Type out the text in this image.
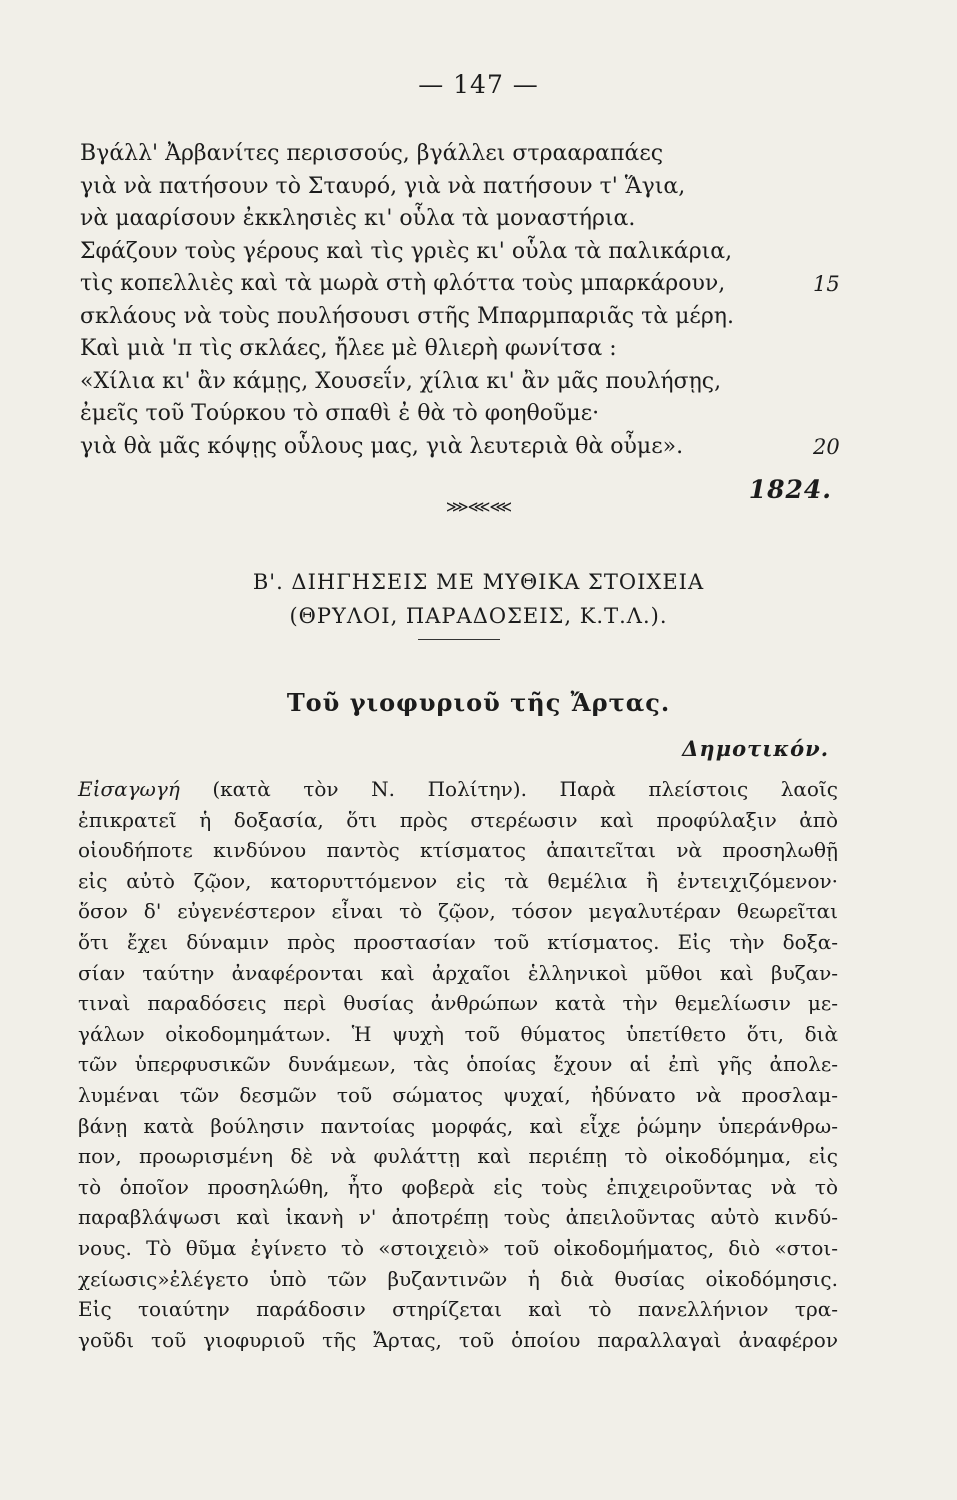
— 147 —
Βγάλλ' Ἀρβανίτες περισσούς, βγάλλει στρααραπάες
γιὰ νὰ πατήσουν τὸ Σταυρό, γιὰ νὰ πατήσουν τ' Ἅγια,
νὰ μααρίσουν ἐκκλησιὲς κι' οὗλα τὰ μοναστήρια.
Σφάζουν τοὺς γέρους καὶ τὶς γριὲς κι' οὗλα τὰ παλικάρια,
τὶς κοπελλιὲς καὶ τὰ μωρὰ στὴ φλόττα τοὺς μπαρκάρουν,	15
σκλάους νὰ τοὺς πουλήσουσι στῆς Μπαρμπαριᾶς τὰ μέρη.
Καὶ μιὰ 'π τὶς σκλάες, ἤλεε μὲ θλιερὴ φωνίτσα :
«Χίλια κι' ἂν κάμῃς, Χουσεΐν, χίλια κι' ἂν μᾶς πουλήσῃς,
ἐμεῖς τοῦ Τούρκου τὸ σπαθὶ ἐ θὰ τὸ φοηθοῦμε·
γιὰ θὰ μᾶς κόψῃς οὗλους μας, γιὰ λευτεριὰ θὰ οὖμε».	20
1824.
⋙⋘⋘
Β'. ΔΙΗΓΗΣΕΙΣ ΜΕ ΜΥΘΙΚΑ ΣΤΟΙΧΕΙΑ
(ΘΡΥΛΟΙ, ΠΑΡΑΔΟΣΕΙΣ, Κ.Τ.Λ.).
Τοῦ γιοφυριοῦ τῆς Ἄρτας.
Δημοτικόν.
Εἰσαγωγή (κατὰ τὸν Ν. Πολίτην). Παρὰ πλείστοις λαοῖς
ἐπικρατεῖ ἡ δοξασία, ὅτι πρὸς στερέωσιν καὶ προφύλαξιν ἀπὸ
οἱουδήποτε κινδύνου παντὸς κτίσματος ἀπαιτεῖται νὰ προσηλωθῇ
εἰς αὐτὸ ζῷον, κατορυττόμενον εἰς τὰ θεμέλια ἢ ἐντειχιζόμενον·
ὅσον δ' εὐγενέστερον εἶναι τὸ ζῷον, τόσον μεγαλυτέραν θεωρεῖται
ὅτι ἔχει δύναμιν πρὸς προστασίαν τοῦ κτίσματος. Εἰς τὴν δοξα-
σίαν ταύτην ἀναφέρονται καὶ ἀρχαῖοι ἑλληνικοὶ μῦθοι καὶ βυζαν-
τιναὶ παραδόσεις περὶ θυσίας ἀνθρώπων κατὰ τὴν θεμελίωσιν με-
γάλων οἰκοδομημάτων. Ἡ ψυχὴ τοῦ θύματος ὑπετίθετο ὅτι, διὰ
τῶν ὑπερφυσικῶν δυνάμεων, τὰς ὁποίας ἔχουν αἱ ἐπὶ γῆς ἀπολε-
λυμέναι τῶν δεσμῶν τοῦ σώματος ψυχαί, ἠδύνατο νὰ προσλαμ-
βάνῃ κατὰ βούλησιν παντοίας μορφάς, καὶ εἶχε ῥώμην ὑπεράνθρω-
πον, προωρισμένη δὲ νὰ φυλάττῃ καὶ περιέπῃ τὸ οἰκοδόμημα, εἰς
τὸ ὁποῖον προσηλώθη, ἦτο φοβερὰ εἰς τοὺς ἐπιχειροῦντας νὰ τὸ
παραβλάψωσι καὶ ἱκανὴ ν' ἀποτρέπῃ τοὺς ἀπειλοῦντας αὐτὸ κινδύ-
νους. Τὸ θῦμα ἐγίνετο τὸ «στοιχειὸ» τοῦ οἰκοδομήματος, διὸ «στοι-
χείωσις»ἐλέγετο ὑπὸ τῶν βυζαντινῶν ἡ διὰ θυσίας οἰκοδόμησις.
Εἰς τοιαύτην παράδοσιν στηρίζεται καὶ τὸ πανελλήνιον τρα-
γοῦδι τοῦ γιοφυριοῦ τῆς Ἄρτας, τοῦ ὁποίου παραλλαγαὶ ἀναφέρον
